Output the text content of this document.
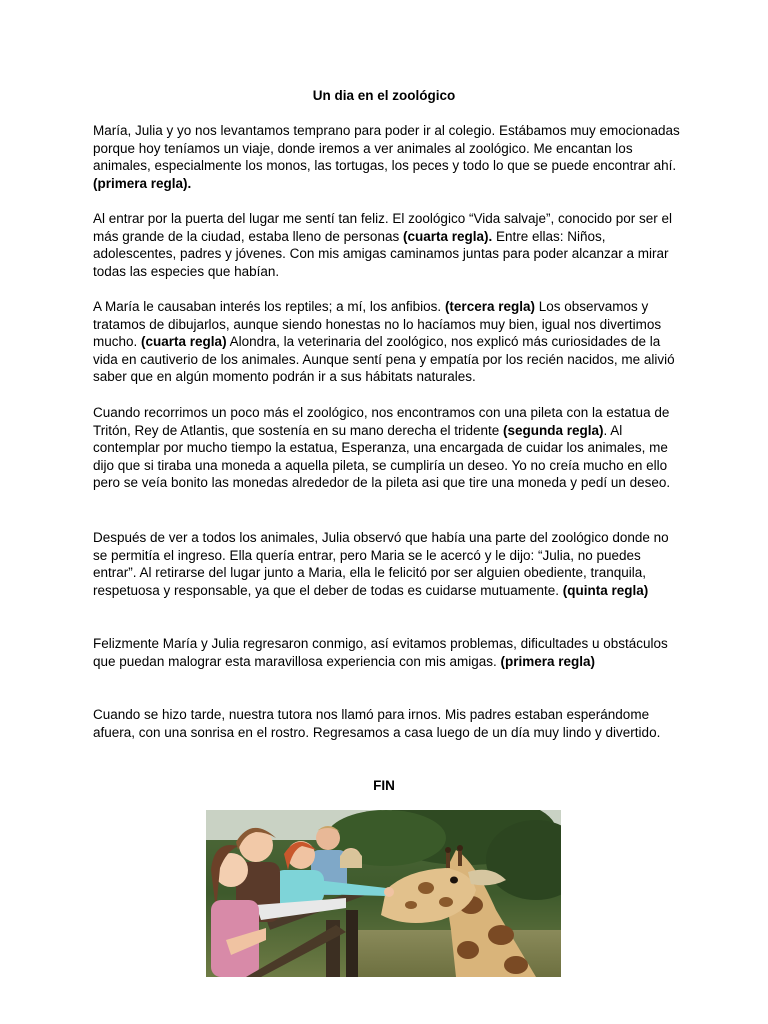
Un dia en el zoológico

María, Julia y yo nos levantamos temprano para poder ir al colegio. Estábamos muy emocionadas porque hoy teníamos un viaje, donde iremos a ver animales al zoológico. Me encantan los animales, especialmente los monos, las tortugas, los peces y todo lo que se puede encontrar ahí. (primera regla).

Al entrar por la puerta del lugar me sentí tan feliz. El zoológico “Vida salvaje”, conocido por ser el más grande de la ciudad, estaba lleno de personas (cuarta regla). Entre ellas: Niños, adolescentes, padres y jóvenes. Con mis amigas caminamos juntas para poder alcanzar a mirar todas las especies que habían.

A María le causaban interés los reptiles; a mí, los anfibios. (tercera regla) Los observamos y tratamos de dibujarlos, aunque siendo honestas no lo hacíamos muy bien, igual nos divertimos mucho. (cuarta regla) Alondra, la veterinaria del zoológico, nos explicó más curiosidades de la vida en cautiverio de los animales. Aunque sentí pena y empatía por los recién nacidos, me alivió saber que en algún momento podrán ir a sus hábitats naturales.

Cuando recorrimos un poco más el zoológico, nos encontramos con una pileta con la estatua de Tritón, Rey de Atlantis, que sostenía en su mano derecha el tridente (segunda regla). Al contemplar por mucho tiempo la estatua, Esperanza, una encargada de cuidar los animales, me dijo que si tiraba una moneda a aquella pileta, se cumpliría un deseo. Yo no creía mucho en ello pero se veía bonito las monedas alrededor de la pileta asi que tire una moneda y pedí un deseo.

Después de ver a todos los animales, Julia observó que había una parte del zoológico donde no se permitía el ingreso. Ella quería entrar, pero Maria se le acercó y le dijo: “Julia, no puedes entrar”. Al retirarse del lugar junto a Maria, ella le felicitó por ser alguien obediente, tranquila, respetuosa y responsable, ya que el deber de todas es cuidarse mutuamente. (quinta regla)

Felizmente María y Julia regresaron conmigo, así evitamos problemas, dificultades u obstáculos que puedan malograr esta maravillosa experiencia con mis amigas. (primera regla)

Cuando se hizo tarde, nuestra tutora nos llamó para irnos. Mis padres estaban esperándome afuera, con una sonrisa en el rostro. Regresamos a casa luego de un día muy lindo y divertido.

FIN
